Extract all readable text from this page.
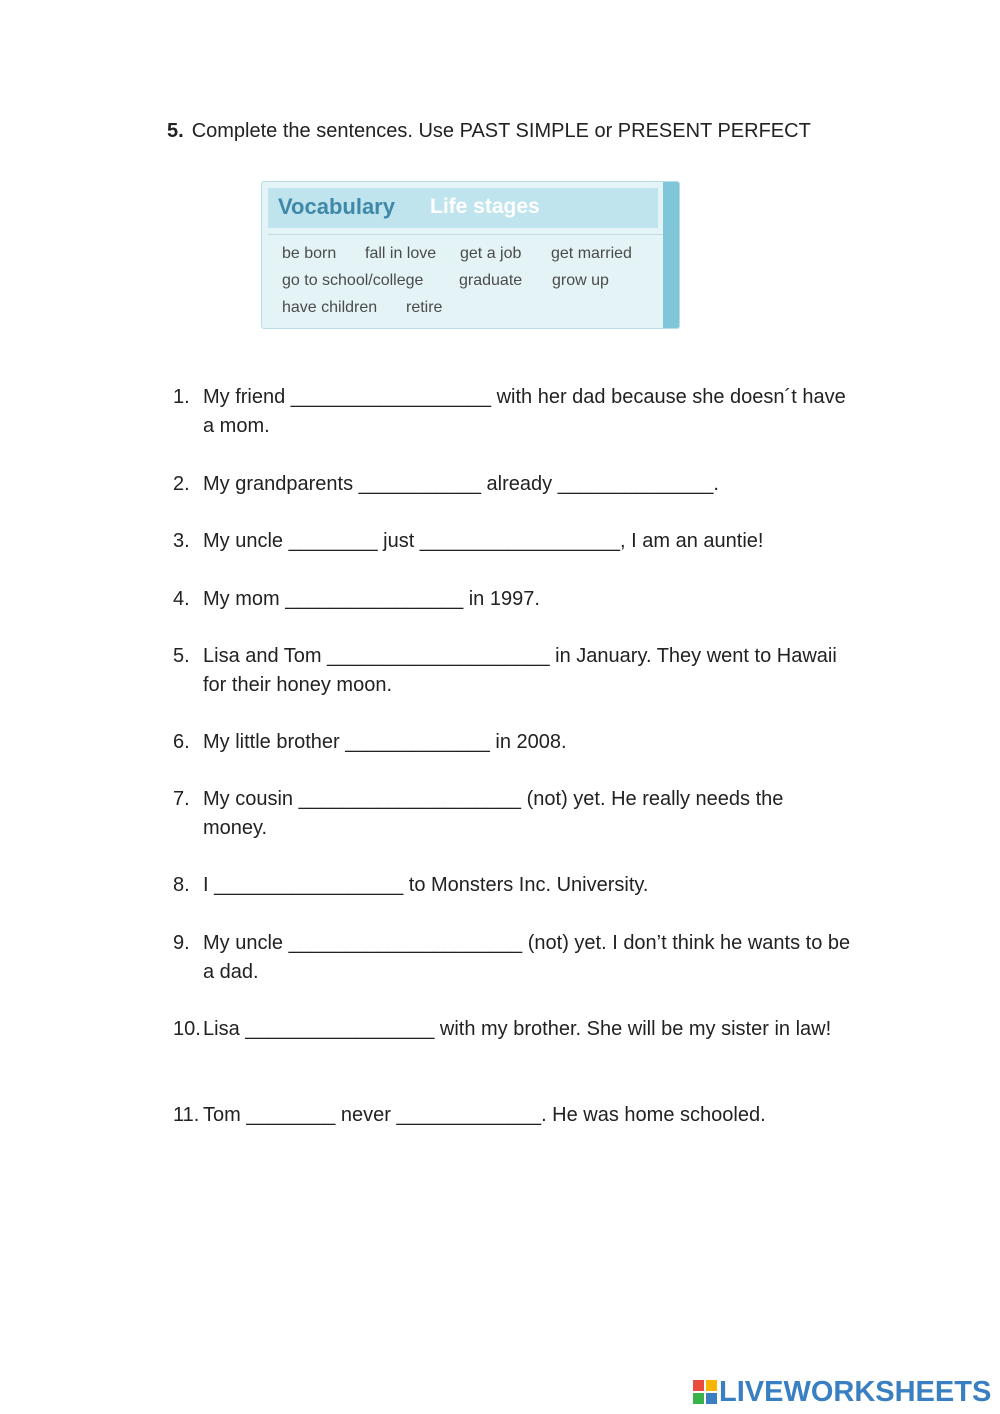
5. Complete the sentences. Use PAST SIMPLE or PRESENT PERFECT
Vocabulary Life stages
be born fall in love get a job get married
go to school/college graduate grow up
have children retire
1. My friend __________________ with her dad because she doesn´t have a mom.
2. My grandparents ___________ already ______________.
3. My uncle ________ just __________________, I am an auntie!
4. My mom ________________ in 1997.
5. Lisa and Tom ____________________ in January. They went to Hawaii for their honey moon.
6. My little brother _____________ in 2008.
7. My cousin ____________________ (not) yet. He really needs the money.
8. I _________________ to Monsters Inc. University.
9. My uncle _____________________ (not) yet. I don’t think he wants to be a dad.
10. Lisa _________________ with my brother. She will be my sister in law!
11. Tom ________ never _____________. He was home schooled.
LIVEWORKSHEETS
